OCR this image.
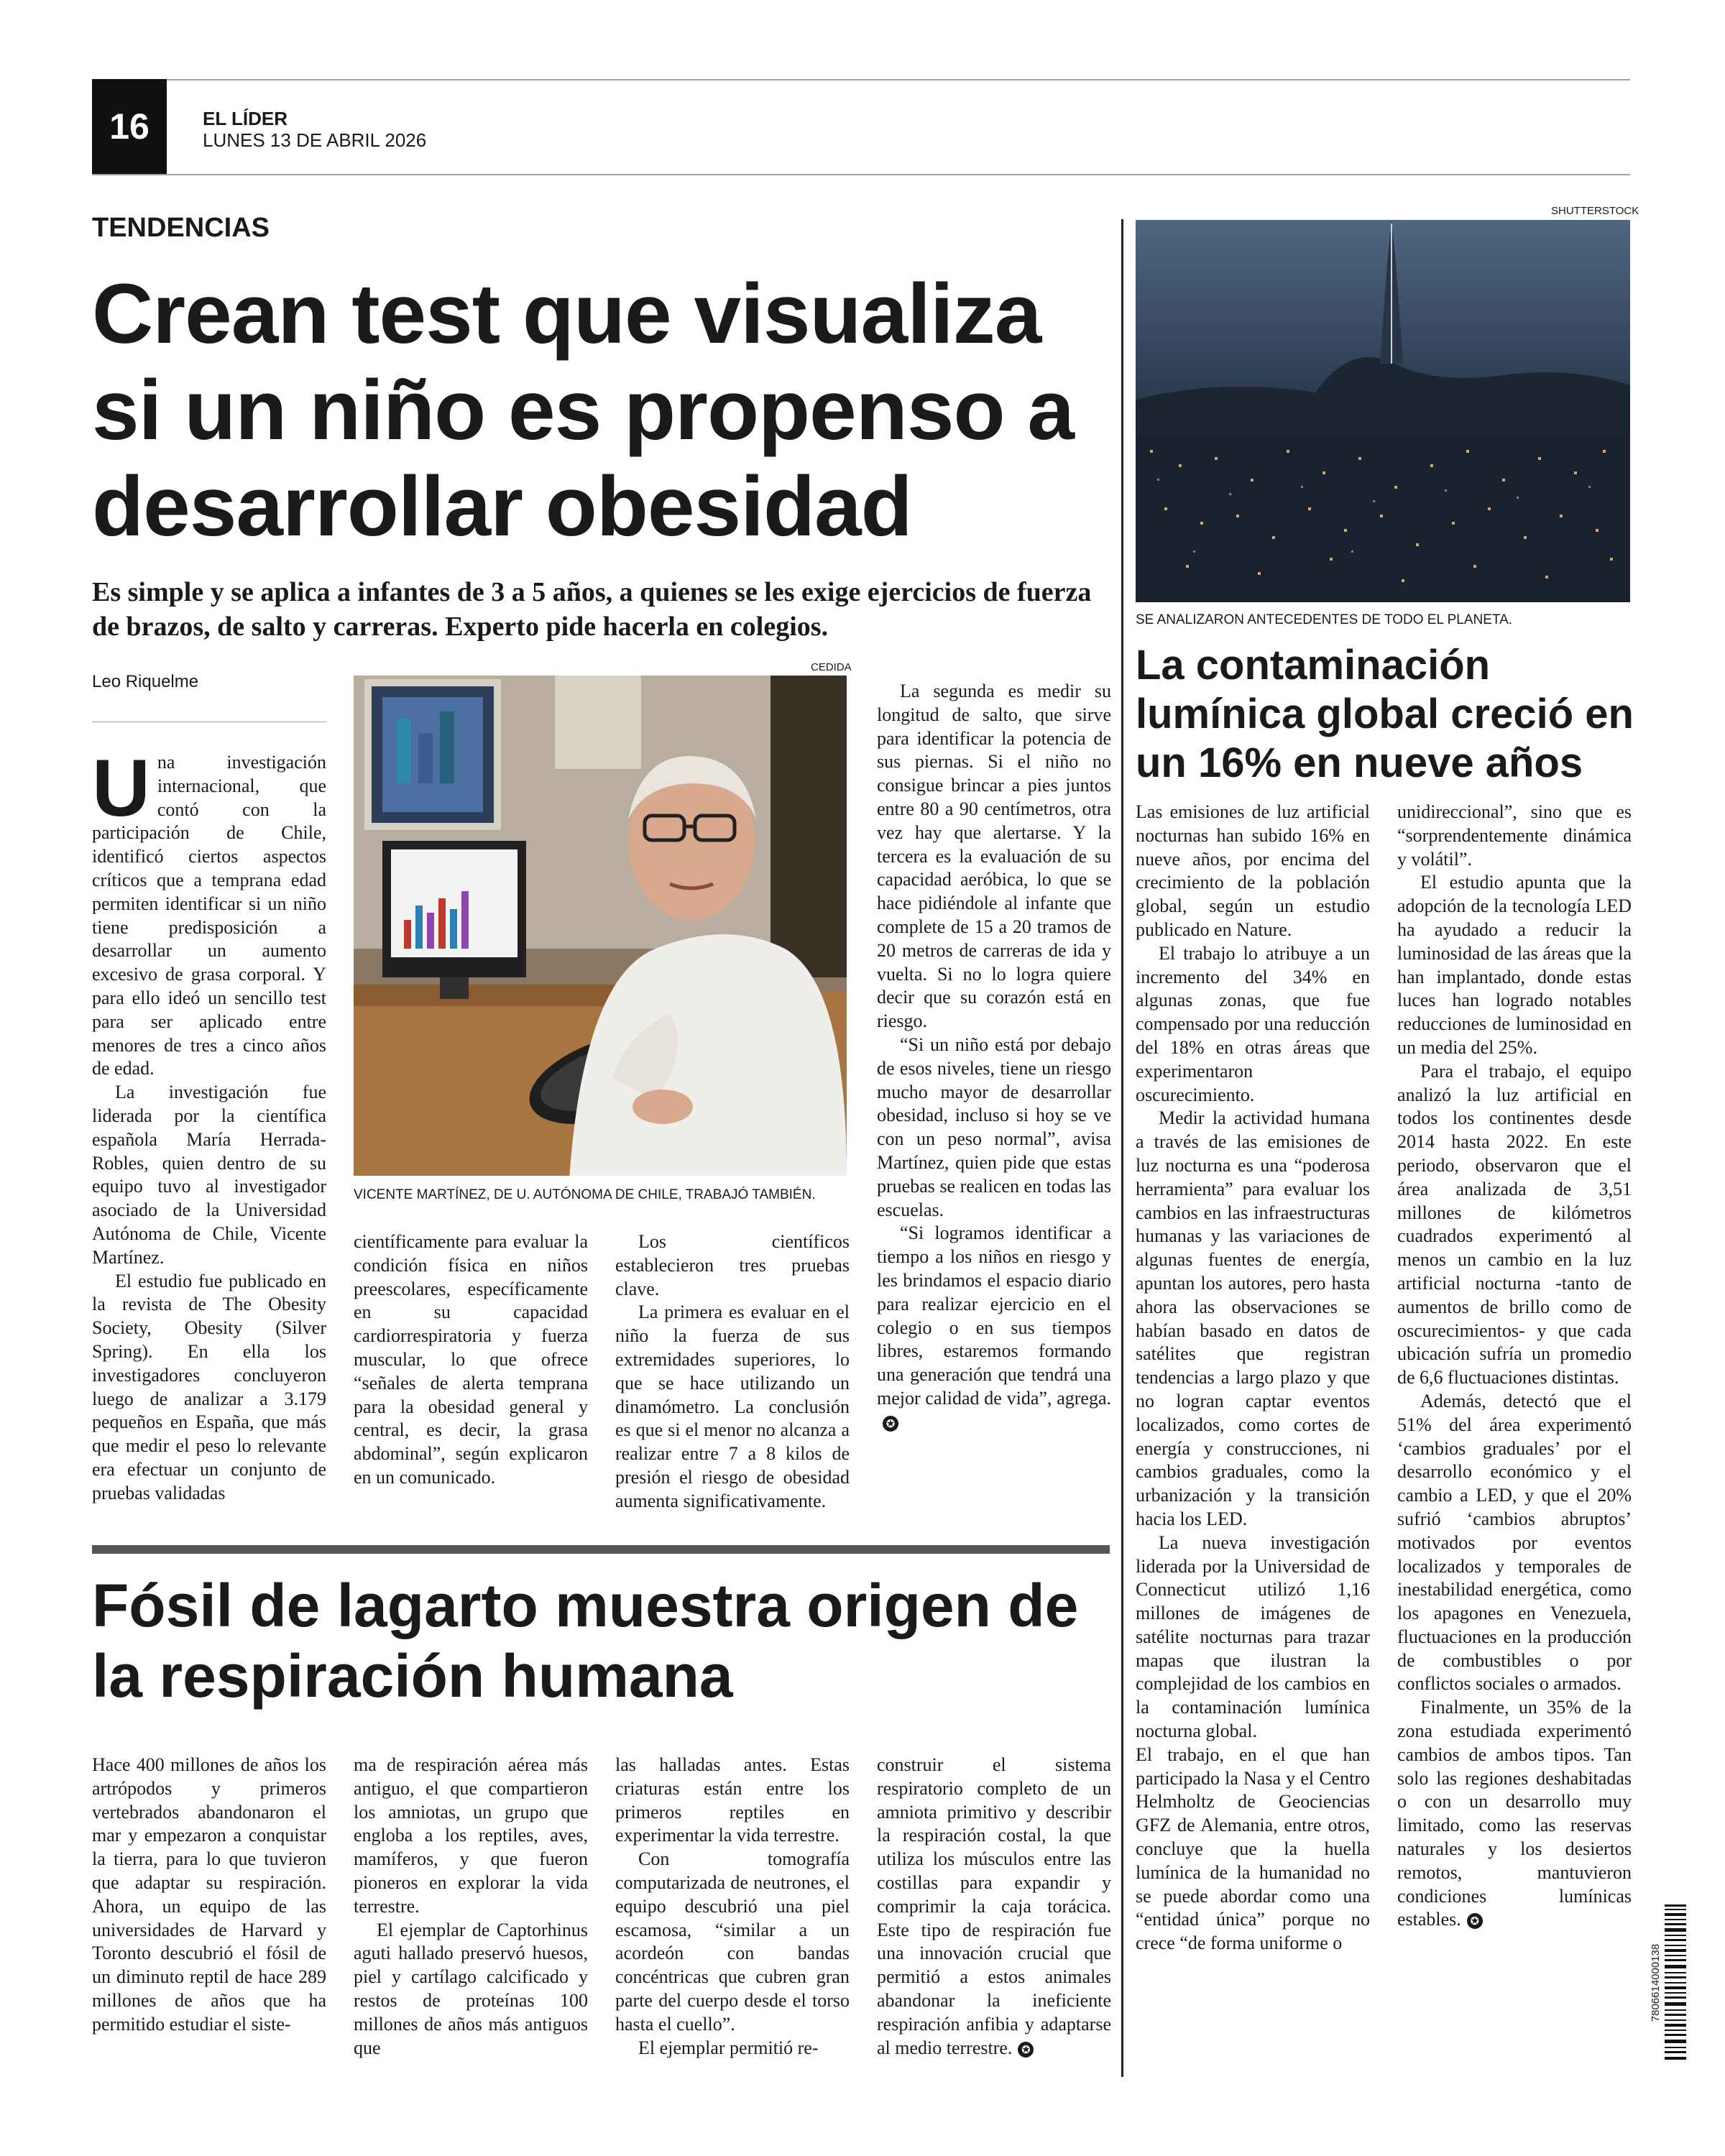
16	EL LÍDER
LUNES 13 DE ABRIL 2026
TENDENCIAS
Crean test que visualiza si un niño es propenso a desarrollar obesidad
Es simple y se aplica a infantes de 3 a 5 años, a quienes se les exige ejercicios de fuerza de brazos, de salto y carreras. Experto pide hacerla en colegios.
Leo Riquelme

Una investigación internacional, que contó con la participación de Chile, identificó ciertos aspectos críticos que a temprana edad permiten identificar si un niño tiene predisposición a desarrollar un aumento excesivo de grasa corporal. Y para ello ideó un sencillo test para ser aplicado entre menores de tres a cinco años de edad.

La investigación fue liderada por la científica española María Herrada-Robles, quien dentro de su equipo tuvo al investigador asociado de la Universidad Autónoma de Chile, Vicente Martínez.

El estudio fue publicado en la revista de The Obesity Society, Obesity (Silver Spring). En ella los investigadores concluyeron luego de analizar a 3.179 pequeños en España, que más que medir el peso lo relevante era efectuar un conjunto de pruebas validadas

CEDIDA
VICENTE MARTÍNEZ, DE U. AUTÓNOMA DE CHILE, TRABAJÓ TAMBIÉN.

científicamente para evaluar la condición física en niños preescolares, específicamente en su capacidad cardiorrespiratoria y fuerza muscular, lo que ofrece “señales de alerta temprana para la obesidad general y central, es decir, la grasa abdominal”, según explicaron en un comunicado.

Los científicos establecieron tres pruebas clave.

La primera es evaluar en el niño la fuerza de sus extremidades superiores, lo que se hace utilizando un dinamómetro. La conclusión es que si el menor no alcanza a realizar entre 7 a 8 kilos de presión el riesgo de obesidad aumenta significativamente.

La segunda es medir su longitud de salto, que sirve para identificar la potencia de sus piernas. Si el niño no consigue brincar a pies juntos entre 80 a 90 centímetros, otra vez hay que alertarse. Y la tercera es la evaluación de su capacidad aeróbica, lo que se hace pidiéndole al infante que complete de 15 a 20 tramos de 20 metros de carreras de ida y vuelta. Si no lo logra quiere decir que su corazón está en riesgo.

“Si un niño está por debajo de esos niveles, tiene un riesgo mucho mayor de desarrollar obesidad, incluso si hoy se ve con un peso normal”, avisa Martínez, quien pide que estas pruebas se realicen en todas las escuelas.

“Si logramos identificar a tiempo a los niños en riesgo y les brindamos el espacio diario para realizar ejercicio en el colegio o en sus tiempos libres, estaremos formando una generación que tendrá una mejor calidad de vida”, agrega.✪

Fósil de lagarto muestra origen de la respiración humana

Hace 400 millones de años los artrópodos y primeros vertebrados abandonaron el mar y empezaron a conquistar la tierra, para lo que tuvieron que adaptar su respiración. Ahora, un equipo de las universidades de Harvard y Toronto descubrió el fósil de un diminuto reptil de hace 289 millones de años que ha permitido estudiar el siste-

ma de respiración aérea más antiguo, el que compartieron los amniotas, un grupo que engloba a los reptiles, aves, mamíferos, y que fueron pioneros en explorar la vida terrestre.

El ejemplar de Captorhinus aguti hallado preservó huesos, piel y cartílago calcificado y restos de proteínas 100 millones de años más antiguos que

las halladas antes. Estas criaturas están entre los primeros reptiles en experimentar la vida terrestre.

Con tomografía computarizada de neutrones, el equipo descubrió una piel escamosa, “similar a un acordeón con bandas concéntricas que cubren gran parte del cuerpo desde el torso hasta el cuello”.

El ejemplar permitió re-

construir el sistema respiratorio completo de un amniota primitivo y describir la respiración costal, la que utiliza los músculos entre las costillas para expandir y comprimir la caja torácica. Este tipo de respiración fue una innovación crucial que permitió a estos animales abandonar la ineficiente respiración anfibia y adaptarse al medio terrestre. ✪

SHUTTERSTOCK
SE ANALIZARON ANTECEDENTES DE TODO EL PLANETA.
La contaminación lumínica global creció en un 16% en nueve años

Las emisiones de luz artificial nocturnas han subido 16% en nueve años, por encima del crecimiento de la población global, según un estudio publicado en Nature.

El trabajo lo atribuye a un incremento del 34% en algunas zonas, que fue compensado por una reducción del 18% en otras áreas que experimentaron oscurecimiento.

Medir la actividad humana a través de las emisiones de luz nocturna es una “poderosa herramienta” para evaluar los cambios en las infraestructuras humanas y las variaciones de algunas fuentes de energía, apuntan los autores, pero hasta ahora las observaciones se habían basado en datos de satélites que registran tendencias a largo plazo y que no logran captar eventos localizados, como cortes de energía y construcciones, ni cambios graduales, como la urbanización y la transición hacia los LED.

La nueva investigación liderada por la Universidad de Connecticut utilizó 1,16 millones de imágenes de satélite nocturnas para trazar mapas que ilustran la complejidad de los cambios en la contaminación lumínica nocturna global.

El trabajo, en el que han participado la Nasa y el Centro Helmholtz de Geociencias GFZ de Alemania, entre otros, concluye que la huella lumínica de la humanidad no se puede abordar como una “entidad única” porque no crece “de forma uniforme o

unidireccional”, sino que es “sorprendentemente dinámica y volátil”.

El estudio apunta que la adopción de la tecnología LED ha ayudado a reducir la luminosidad de las áreas que la han implantado, donde estas luces han logrado notables reducciones de luminosidad en un media del 25%.

Para el trabajo, el equipo analizó la luz artificial en todos los continentes desde 2014 hasta 2022. En este periodo, observaron que el área analizada de 3,51 millones de kilómetros cuadrados experimentó al menos un cambio en la luz artificial nocturna -tanto de aumentos de brillo como de oscurecimientos- y que cada ubicación sufría un promedio de 6,6 fluctuaciones distintas.

Además, detectó que el 51% del área experimentó ‘cambios graduales’ por el desarrollo económico y el cambio a LED, y que el 20% sufrió ‘cambios abruptos’ motivados por eventos localizados y temporales de inestabilidad energética, como los apagones en Venezuela, fluctuaciones en la producción de combustibles o por conflictos sociales o armados.

Finalmente, un 35% de la zona estudiada experimentó cambios de ambos tipos. Tan solo las regiones deshabitadas o con un desarrollo muy limitado, como las reservas naturales y los desiertos remotos, mantuvieron condiciones lumínicas estables. ✪

7806614000138
